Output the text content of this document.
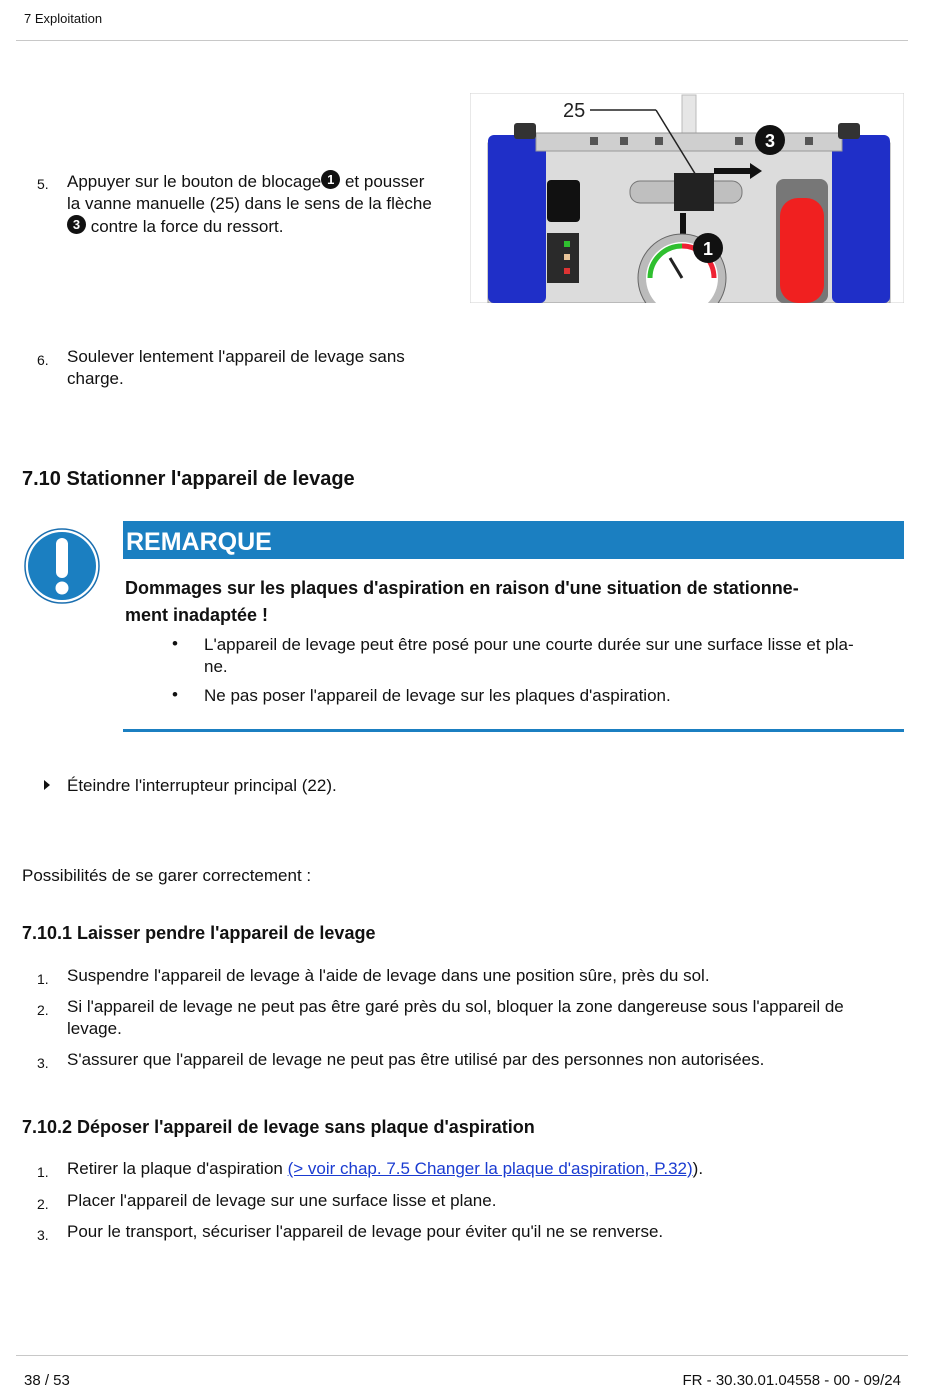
7 Exploitation
25
3
1
5. Appuyer sur le bouton de blocage 1 et pousser
la vanne manuelle (25) dans le sens de la flèche
3 contre la force du ressort.
6. Soulever lentement l'appareil de levage sans
charge.
7.10 Stationner l'appareil de levage
REMARQUE
Dommages sur les plaques d'aspiration en raison d'une situation de stationne-
ment inadaptée !
• L'appareil de levage peut être posé pour une courte durée sur une surface lisse et pla-
ne.
• Ne pas poser l'appareil de levage sur les plaques d'aspiration.
Éteindre l'interrupteur principal (22).
Possibilités de se garer correctement :
7.10.1 Laisser pendre l'appareil de levage
1. Suspendre l'appareil de levage à l'aide de levage dans une position sûre, près du sol.
2. Si l'appareil de levage ne peut pas être garé près du sol, bloquer la zone dangereuse sous l'appareil de
levage.
3. S'assurer que l'appareil de levage ne peut pas être utilisé par des personnes non autorisées.
7.10.2 Déposer l'appareil de levage sans plaque d'aspiration
1. Retirer la plaque d'aspiration (> voir chap. 7.5 Changer la plaque d'aspiration, P.32)).
2. Placer l'appareil de levage sur une surface lisse et plane.
3. Pour le transport, sécuriser l'appareil de levage pour éviter qu'il ne se renverse.
38 / 53	FR - 30.30.01.04558 - 00 - 09/24
